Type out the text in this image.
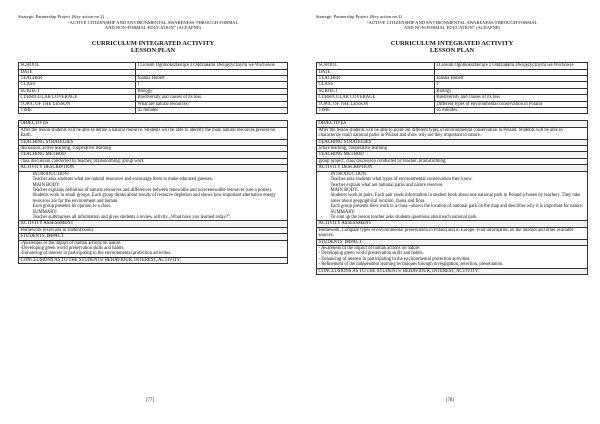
Strategic Partnership Project (Key action no 2)
“ACTIVE CITIZENSHIP AND ENVIRONMENTAL AWARENESS THROUGH FORMAL
AND NON-FORMAL EDUCATION” (ACEAFNE)
CURRICULUM INTEGRATED ACTIVITY
LESSON PLAN
SCHOOL	I Liceum Ogólnokształcące z Oddziałami Dwujęzycznymi we Wschowie
DATE	
TEACHER	Joanna Hubert
CLASS	1
SUBJECT	Biology
CURRICULAR COVERAGE	Biodiversity and causes of its loss
TOPIC OF THE LESSON	What are natural resources?
TIME	45 minutes
OBJECTIVES
After the lesson students will be able to define a natural resource. Students will be able to identify the main natural resources present on Earth.
TEACHING STRATEGIES
discussion, active learning, cooperative learning
TEACHING METHOD
class discussion conducted by teacher, brainstorming, group work
ACTIVITY DESCRIPTION

INTRODUCTION:
Teacher asks students what are natural resources and encourage them to make educated guesses.
MAIN BODY:
Teacher explains definition of natural resources and differences between renewable and non-renewable resources (use a poster).
Students work in small groups. Each group thinks about results of resource depletion and shows how important alternative energy resources are for the environment and human.
Each group presents its opinion to a class.
SUMMARY:
Teacher summarises all information and gives students a review activity „What have you learned today?”.

ACTIVITY ASSESSMENT
Homework (exercises in student book).
STUDENTS' IMPACT

-Awareness of the impact of human actions on nature.
-Developing green world preservation skills and habits.
-Enhancing of interest in participating in the environmental protection activities.

CONCLUSIONS AS TO THE STUDENTS' BEHAVIOUR, INTEREST, ACTIVITY:
[77]
Strategic Partnership Project (Key action no 2)
“ACTIVE CITIZENSHIP AND ENVIRONMENTAL AWARENESS THROUGH FORMAL
AND NON-FORMAL EDUCATION” (ACEAFNE)
CURRICULUM INTEGRATED ACTIVITY
LESSON PLAN
SCHOOL	I Liceum Ogólnokształcące z Oddziałami Dwujęzycznymi we Wschowie
DATE	
TEACHER	Joanna Hubert
CLASS	1
SUBJECT	Biology
CURRICULAR COVERAGE	Biodiversity and causes of its loss
TOPIC OF THE LESSON	Different types of environmental conservation in Poland
TIME	45 minutes
OBJECTIVES
After the lesson students will be able to point out different types of environmental conservation in Poland. Students will be able to characterize main national parks in Poland and show why are they important to nature.
TEACHING STRATEGIES
active learning, cooperative learning
TEACHING METHOD
group project, class discussion conducted by teacher, brainstorming,
ACTIVITY DESCRIPTION

INTRODUCTION
Teacher asks students what types of environmental conservation they know.
Teacher explain what are national parks and nature reserves.
MAIN BODY:
Students work in pairs. Each pair reads information in student book about one national park in Poland (chosen by teacher). They take notes about geographical location, fauna and flora.
Each group presents their work to a class - shows the location of national park on the map and describes why it is important for nature.
SUMMARY:
To sum up the lesson teacher asks students questions about each national park.

ACTIVITY ASSESSMENT
Homework. Compare types of environmental preservation in Poland and in Europe. Find information on the internet and other available sources.
STUDENTS' IMPACT

- Awareness of the impact of human actions on nature.
- Developing green world preservation skills and habits.
- Enhancing of interest in participating in the environmental protection activities.
- Refinement of the independent learning techniques through investigation, selection, presentation.

CONCLUSIONS AS TO THE STUDENTS' BEHAVIOUR, INTEREST, ACTIVITY:
[78]
